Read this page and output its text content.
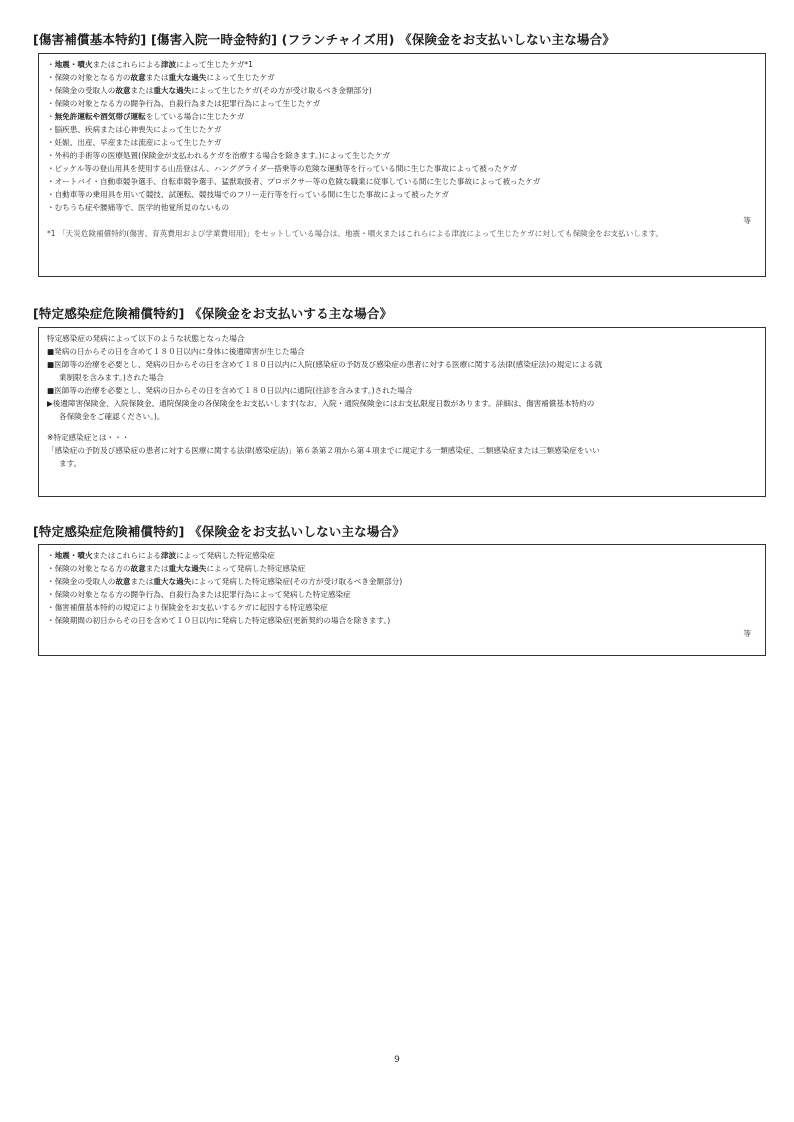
[傷害補償基本特約] [傷害入院一時金特約] (フランチャイズ用) 《保険金をお支払いしない主な場合》

・地震・噴火またはこれらによる津波によって生じたケガ*1

・保険の対象となる方の故意または重大な過失によって生じたケガ

・保険金の受取人の故意または重大な過失によって生じたケガ(その方が受け取るべき金額部分)

・保険の対象となる方の闘争行為、自殺行為または犯罪行為によって生じたケガ

・無免許運転や酒気帯び運転をしている場合に生じたケガ

・脳疾患、疾病または心神喪失によって生じたケガ

・妊娠、出産、早産または流産によって生じたケガ

・外科的手術等の医療処置(保険金が支払われるケガを治療する場合を除きます。)によって生じたケガ

・ピッケル等の登山用具を使用する山岳登はん、ハンググライダー搭乗等の危険な運動等を行っている間に生じた事故によって被ったケガ

・オートバイ・自動車競争選手、自転車競争選手、猛獣取扱者、プロボクサー等の危険な職業に従事している間に生じた事故によって被ったケガ

・自動車等の乗用具を用いて競技、試運転、競技場でのフリー走行等を行っている間に生じた事故によって被ったケガ

・むちうち症や腰痛等で、医学的他覚所見のないもの

等

*1 「天災危険補償特約(傷害、育英費用および学業費用用)」をセットしている場合は、地震・噴火またはこれらによる津波によって生じたケガに対しても保険金をお支払いします。

[特定感染症危険補償特約] 《保険金をお支払いする主な場合》

特定感染症の発病によって以下のような状態となった場合

■発病の日からその日を含めて１８０日以内に身体に後遺障害が生じた場合

■医師等の治療を必要とし、発病の日からその日を含めて１８０日以内に入院(感染症の予防及び感染症の患者に対する医療に関する法律(感染症法)の規定による就

業制限を含みます。)された場合

■医師等の治療を必要とし、発病の日からその日を含めて１８０日以内に通院(往診を含みます。)された場合

▶後遺障害保険金、入院保険金、通院保険金の各保険金をお支払いします(なお、入院・通院保険金にはお支払限度日数があります。詳細は、傷害補償基本特約の

各保険金をご確認ください。)。

※特定感染症とは・・・

「感染症の予防及び感染症の患者に対する医療に関する法律(感染症法)」第６条第２項から第４項までに規定する一類感染症、二類感染症または三類感染症をいい

ます。

[特定感染症危険補償特約] 《保険金をお支払いしない主な場合》

・地震・噴火またはこれらによる津波によって発病した特定感染症

・保険の対象となる方の故意または重大な過失によって発病した特定感染症

・保険金の受取人の故意または重大な過失によって発病した特定感染症(その方が受け取るべき金額部分)

・保険の対象となる方の闘争行為、自殺行為または犯罪行為によって発病した特定感染症

・傷害補償基本特約の規定により保険金をお支払いするケガに起因する特定感染症

・保険期間の初日からその日を含めて１０日以内に発病した特定感染症(更新契約の場合を除きます。)

等

9
